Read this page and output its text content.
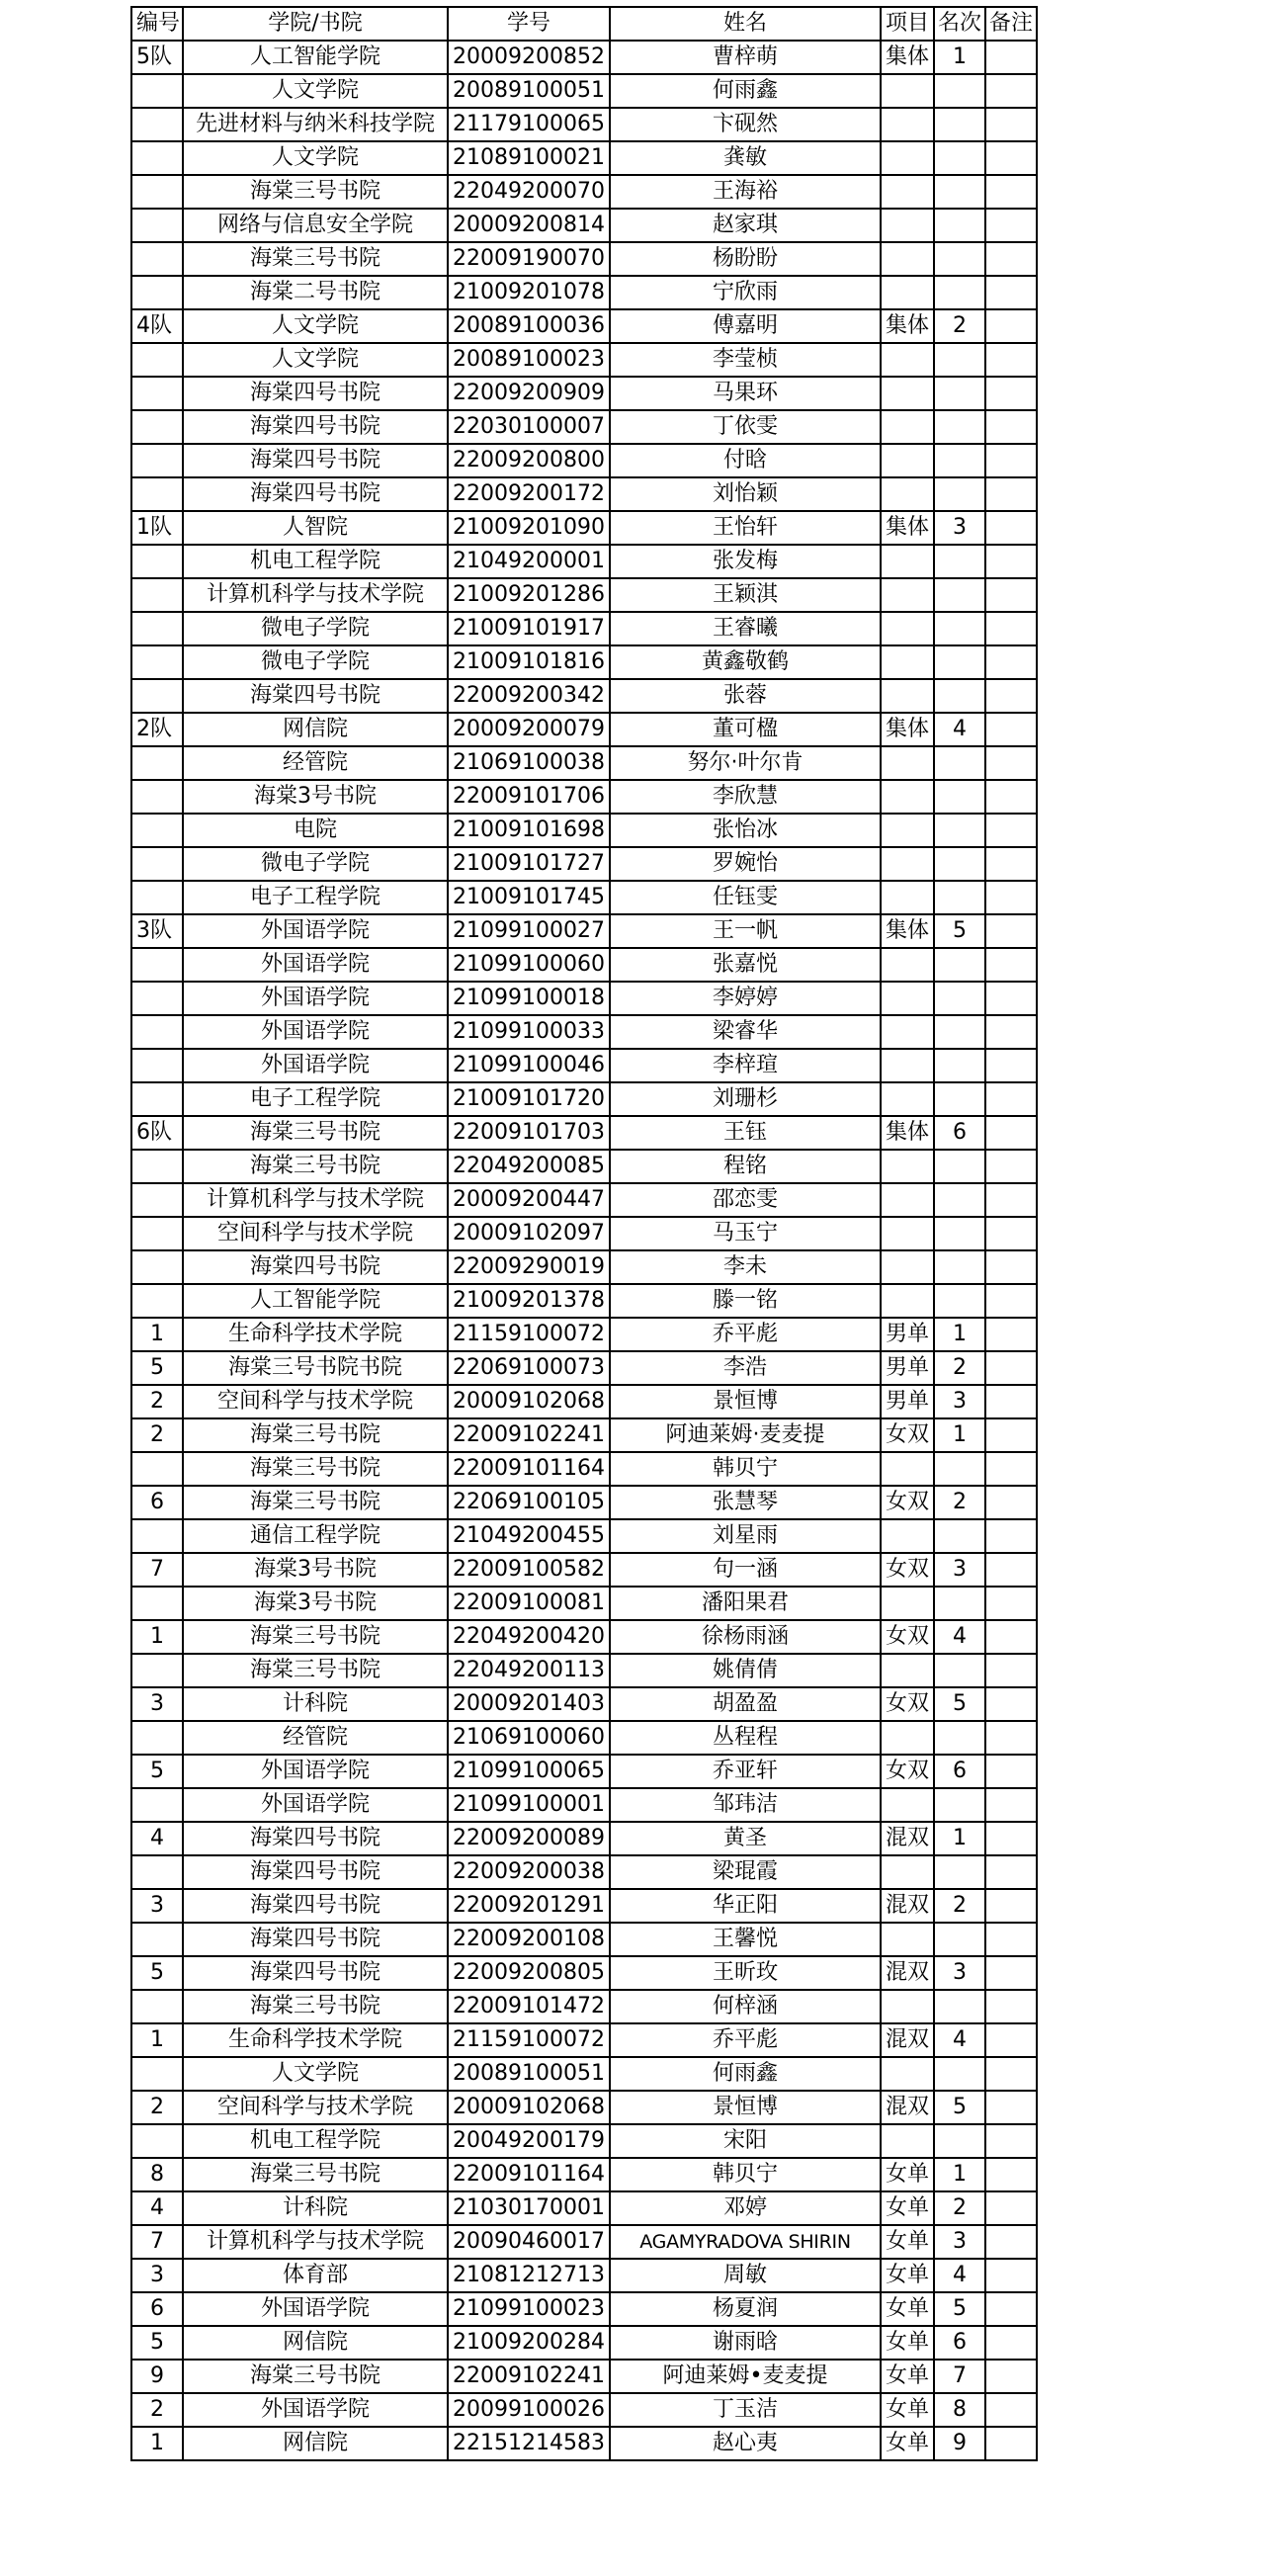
编号	学院/书院	学号	姓名	项目	名次	备注
5队	人工智能学院	20009200852	曹梓萌	集体	1	
	人文学院	20089100051	何雨鑫			
	先进材料与纳米科技学院	21179100065	卞砚然			
	人文学院	21089100021	龚敏			
	海棠三号书院	22049200070	王海裕			
	网络与信息安全学院	20009200814	赵家琪			
	海棠三号书院	22009190070	杨盼盼			
	海棠二号书院	21009201078	宁欣雨			
4队	人文学院	20089100036	傅嘉明	集体	2	
	人文学院	20089100023	李莹桢			
	海棠四号书院	22009200909	马果环			
	海棠四号书院	22030100007	丁依雯			
	海棠四号书院	22009200800	付晗			
	海棠四号书院	22009200172	刘怡颖			
1队	人智院	21009201090	王怡轩	集体	3	
	机电工程学院	21049200001	张发梅			
	计算机科学与技术学院	21009201286	王颖淇			
	微电子学院	21009101917	王睿曦			
	微电子学院	21009101816	黄鑫敬鹤			
	海棠四号书院	22009200342	张蓉			
2队	网信院	20009200079	董可楹	集体	4	
	经管院	21069100038	努尔·叶尔肯			
	海棠3号书院	22009101706	李欣慧			
	电院	21009101698	张怡冰			
	微电子学院	21009101727	罗婉怡			
	电子工程学院	21009101745	任钰雯			
3队	外国语学院	21099100027	王一帆	集体	5	
	外国语学院	21099100060	张嘉悦			
	外国语学院	21099100018	李婷婷			
	外国语学院	21099100033	梁睿华			
	外国语学院	21099100046	李梓瑄			
	电子工程学院	21009101720	刘珊杉			
6队	海棠三号书院	22009101703	王钰	集体	6	
	海棠三号书院	22049200085	程铭			
	计算机科学与技术学院	20009200447	邵恋雯			
	空间科学与技术学院	20009102097	马玉宁			
	海棠四号书院	22009290019	李未			
	人工智能学院	21009201378	滕一铭			
1	生命科学技术学院	21159100072	乔平彪	男单	1	
5	海棠三号书院书院	22069100073	李浩	男单	2	
2	空间科学与技术学院	20009102068	景恒博	男单	3	
2	海棠三号书院	22009102241	阿迪莱姆·麦麦提	女双	1	
	海棠三号书院	22009101164	韩贝宁			
6	海棠三号书院	22069100105	张慧琴	女双	2	
	通信工程学院	21049200455	刘星雨			
7	海棠3号书院	22009100582	句一涵	女双	3	
	海棠3号书院	22009100081	潘阳果君			
1	海棠三号书院	22049200420	徐杨雨涵	女双	4	
	海棠三号书院	22049200113	姚倩倩			
3	计科院	20009201403	胡盈盈	女双	5	
	经管院	21069100060	丛程程			
5	外国语学院	21099100065	乔亚轩	女双	6	
	外国语学院	21099100001	邹玮洁			
4	海棠四号书院	22009200089	黄圣	混双	1	
	海棠四号书院	22009200038	梁琨霞			
3	海棠四号书院	22009201291	华正阳	混双	2	
	海棠四号书院	22009200108	王馨悦			
5	海棠四号书院	22009200805	王昕玫	混双	3	
	海棠三号书院	22009101472	何梓涵			
1	生命科学技术学院	21159100072	乔平彪	混双	4	
	人文学院	20089100051	何雨鑫			
2	空间科学与技术学院	20009102068	景恒博	混双	5	
	机电工程学院	20049200179	宋阳			
8	海棠三号书院	22009101164	韩贝宁	女单	1	
4	计科院	21030170001	邓婷	女单	2	
7	计算机科学与技术学院	20090460017	AGAMYRADOVA SHIRIN	女单	3	
3	体育部	21081212713	周敏	女单	4	
6	外国语学院	21099100023	杨夏润	女单	5	
5	网信院	21009200284	谢雨晗	女单	6	
9	海棠三号书院	22009102241	阿迪莱姆•麦麦提	女单	7	
2	外国语学院	20099100026	丁玉洁	女单	8	
1	网信院	22151214583	赵心夷	女单	9	
